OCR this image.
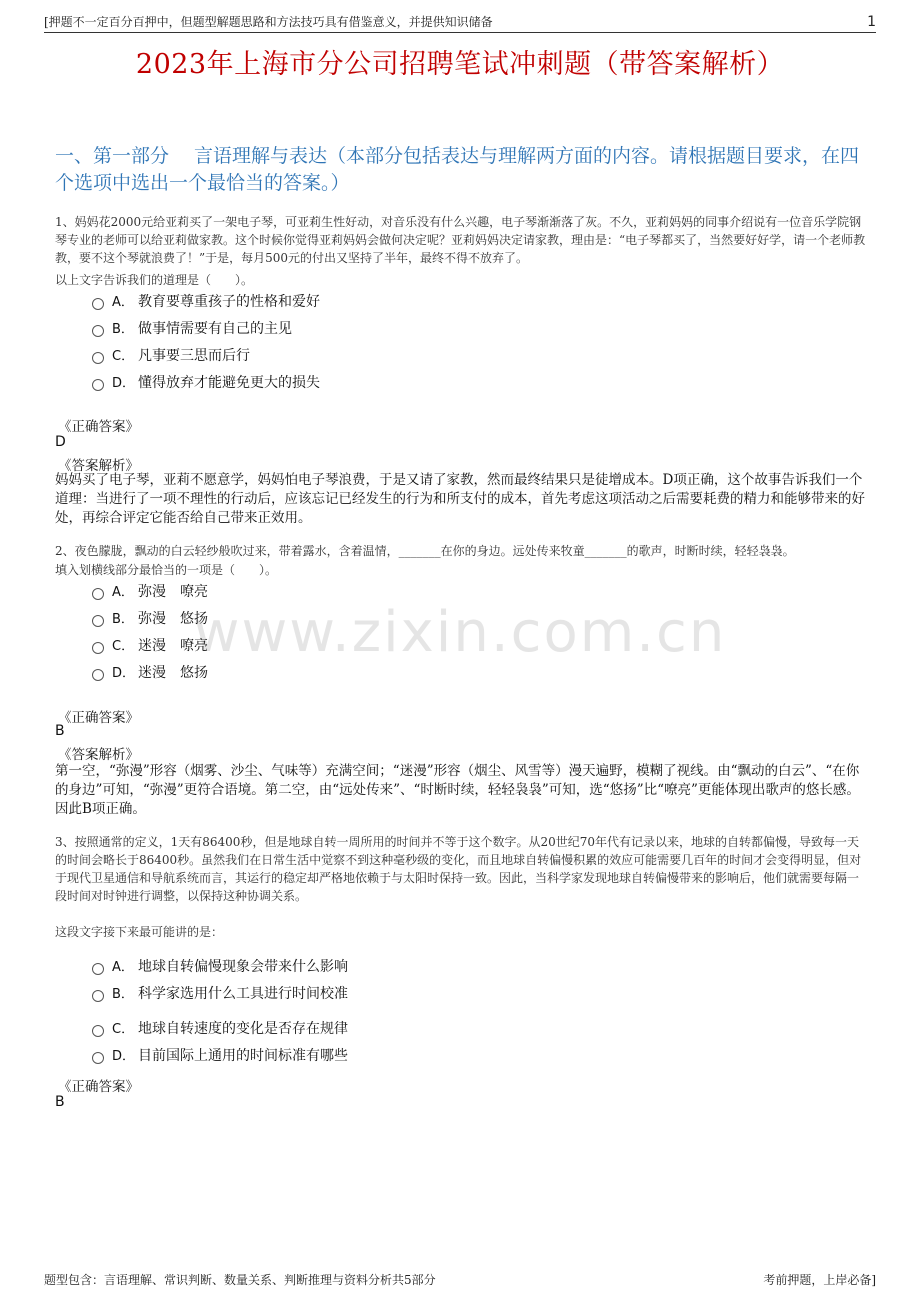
[押题不一定百分百押中，但题型解题思路和方法技巧具有借鉴意义，并提供知识储备	1
2023年上海市分公司招聘笔试冲刺题（带答案解析）
一、第一部分　 言语理解与表达（本部分包括表达与理解两方面的内容。请根据题目要求，在四个选项中选出一个最恰当的答案。）
www.zixin.com.cn
1、妈妈花2000元给亚莉买了一架电子琴，可亚莉生性好动，对音乐没有什么兴趣，电子琴渐渐落了灰。不久，亚莉妈妈的同事介绍说有一位音乐学院钢琴专业的老师可以给亚莉做家教。这个时候你觉得亚莉妈妈会做何决定呢？亚莉妈妈决定请家教，理由是：“电子琴都买了，当然要好好学，请一个老师教教，要不这个琴就浪费了！”于是，每月500元的付出又坚持了半年，最终不得不放弃了。
以上文字告诉我们的道理是（　　）。
A． 教育要尊重孩子的性格和爱好
B． 做事情需要有自己的主见
C． 凡事要三思而后行
D． 懂得放弃才能避免更大的损失
《正确答案》
D
《答案解析》
妈妈买了电子琴，亚莉不愿意学，妈妈怕电子琴浪费，于是又请了家教，然而最终结果只是徒增成本。D项正确，这个故事告诉我们一个道理：当进行了一项不理性的行动后，应该忘记已经发生的行为和所支付的成本，首先考虑这项活动之后需要耗费的精力和能够带来的好处，再综合评定它能否给自己带来正效用。
2、夜色朦胧，飘动的白云轻纱般吹过来，带着露水，含着温情，_______在你的身边。远处传来牧童_______的歌声，时断时续，轻轻袅袅。
填入划横线部分最恰当的一项是（　　）。
A． 弥漫　嘹亮
B． 弥漫　悠扬
C． 迷漫　嘹亮
D． 迷漫　悠扬
《正确答案》
B
《答案解析》
第一空，“弥漫”形容（烟雾、沙尘、气味等）充满空间；“迷漫”形容（烟尘、风雪等）漫天遍野，模糊了视线。由“飘动的白云”、“在你的身边”可知，“弥漫”更符合语境。第二空，由“远处传来”、“时断时续，轻轻袅袅”可知，选“悠扬”比“嘹亮”更能体现出歌声的悠长感。因此B项正确。
3、按照通常的定义，1天有86400秒，但是地球自转一周所用的时间并不等于这个数字。从20世纪70年代有记录以来，地球的自转都偏慢，导致每一天的时间会略长于86400秒。虽然我们在日常生活中觉察不到这种毫秒级的变化，而且地球自转偏慢积累的效应可能需要几百年的时间才会变得明显，但对于现代卫星通信和导航系统而言，其运行的稳定却严格地依赖于与太阳时保持一致。因此，当科学家发现地球自转偏慢带来的影响后，他们就需要每隔一段时间对时钟进行调整，以保持这种协调关系。
这段文字接下来最可能讲的是：
A． 地球自转偏慢现象会带来什么影响
B． 科学家选用什么工具进行时间校准
C． 地球自转速度的变化是否存在规律
D． 目前国际上通用的时间标准有哪些
《正确答案》
B
题型包含：言语理解、常识判断、数量关系、判断推理与资料分析共5部分	考前押题，上岸必备]
